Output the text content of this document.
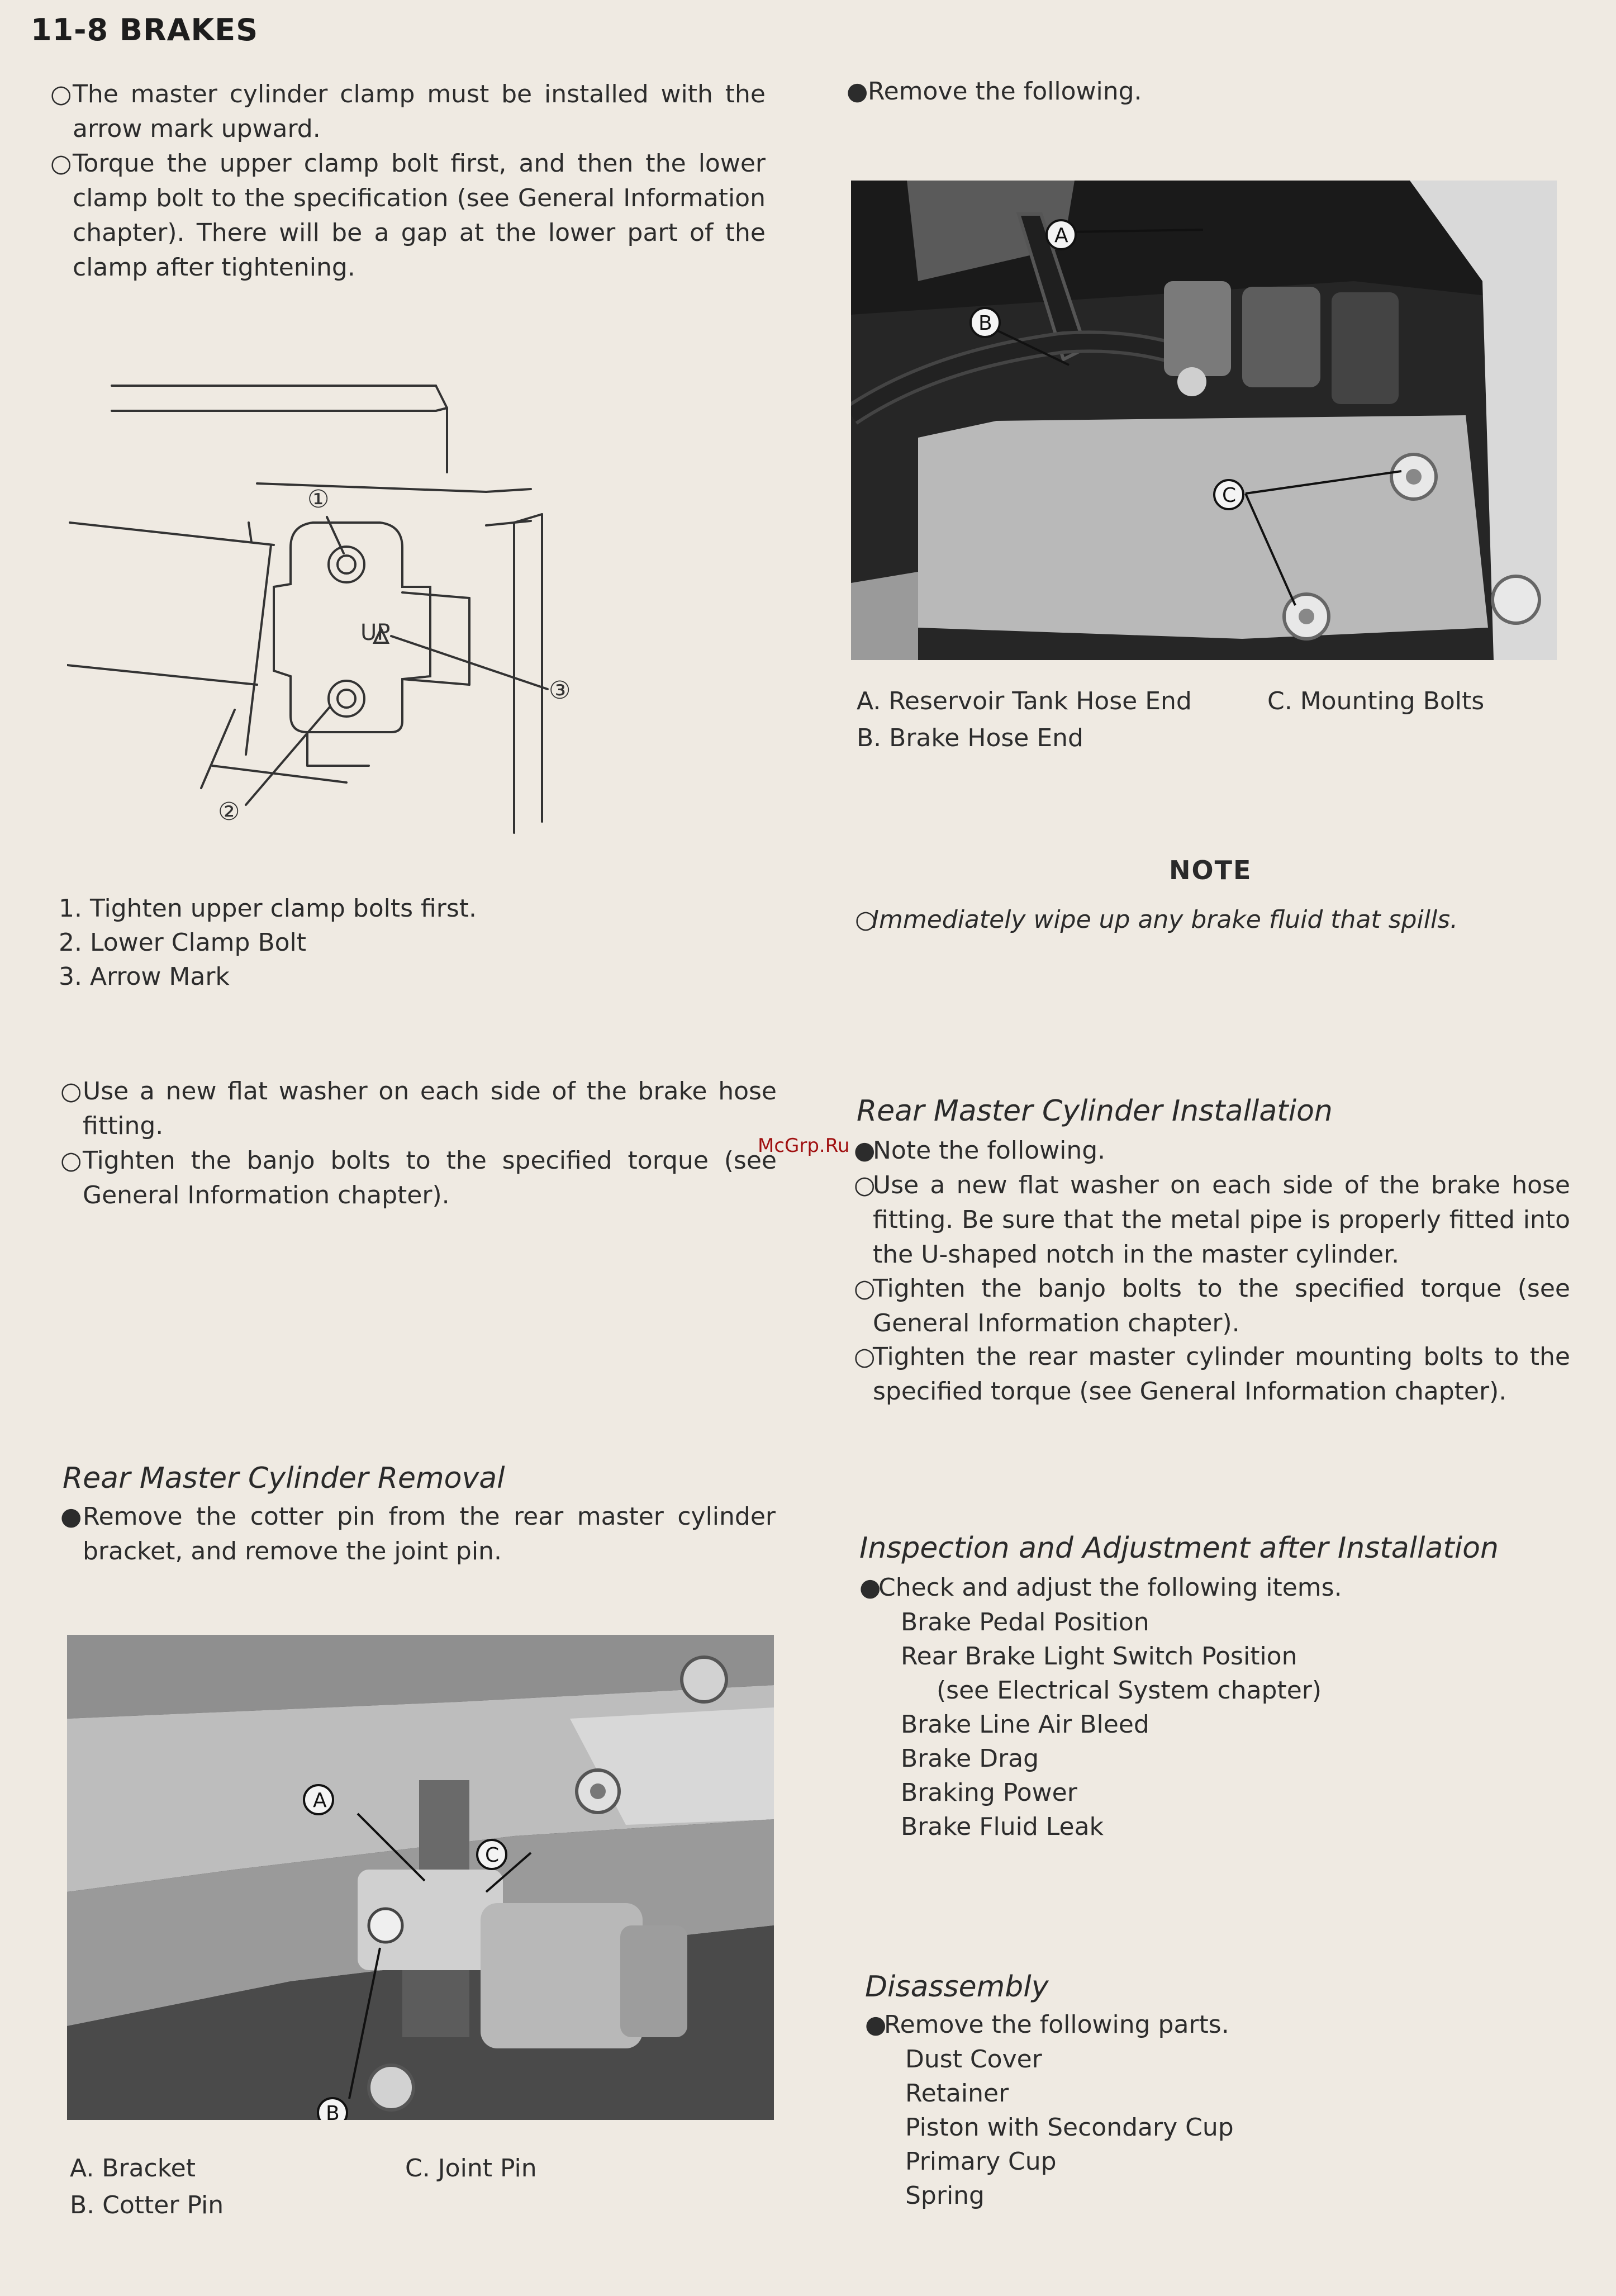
11-8 BRAKES
○ The master cylinder clamp must be installed with the arrow mark upward.
○ Torque the upper clamp bolt first, and then the lower clamp bolt to the specification (see General Information chapter). There will be a gap at the lower part of the clamp after tightening.
UP
①
②
③
1. Tighten upper clamp bolts first.
2. Lower Clamp Bolt
3. Arrow Mark
○ Use a new flat washer on each side of the brake hose fitting.
○ Tighten the banjo bolts to the specified torque (see General Information chapter).
Rear Master Cylinder Removal
● Remove the cotter pin from the rear master cylinder bracket, and remove the joint pin.
A
B
C
A. Bracket
B. Cotter Pin
C. Joint Pin
● Remove the following.
A
B
C
A. Reservoir Tank Hose End
B. Brake Hose End
C. Mounting Bolts
NOTE
○
Immediately wipe up any brake fluid that spills.
Rear Master Cylinder Installation
McGrp.Ru ●
Note the following.
○
Use a new flat washer on each side of the brake hose fitting. Be sure that the metal pipe is properly fitted into the U-shaped notch in the master cylinder.
○
Tighten the banjo bolts to the specified torque (see General Information chapter).
○
Tighten the rear master cylinder mounting bolts to the specified torque (see General Information chapter).
Inspection and Adjustment after Installation
●
Check and adjust the following items.
Brake Pedal Position
Rear Brake Light Switch Position
(see Electrical System chapter)
Brake Line Air Bleed
Brake Drag
Braking Power
Brake Fluid Leak
Disassembly
●
Remove the following parts.
Dust Cover
Retainer
Piston with Secondary Cup
Primary Cup
Spring
